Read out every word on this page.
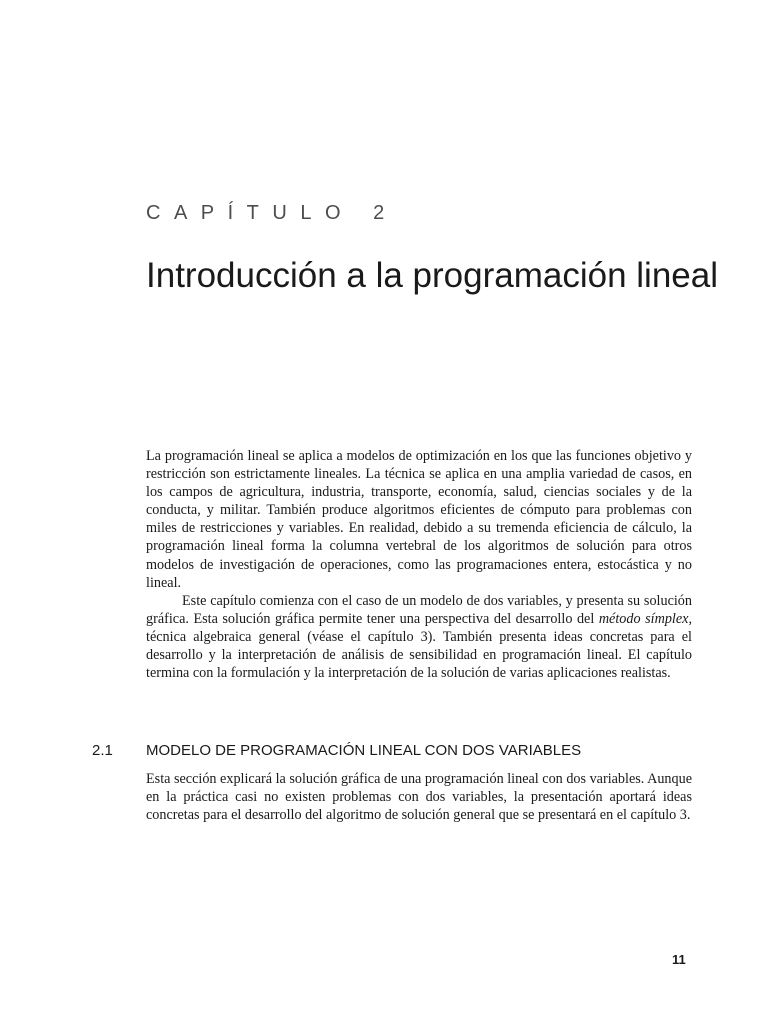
CAPÍTULO 2
Introducción a la programación lineal

La programación lineal se aplica a modelos de optimización en los que las funciones objetivo y restricción son estrictamente lineales. La técnica se aplica en una amplia variedad de casos, en los campos de agricultura, industria, transporte, economía, salud, ciencias sociales y de la conducta, y militar. También produce algoritmos eficientes de cómputo para problemas con miles de restricciones y variables. En realidad, debido a su tremenda eficiencia de cálculo, la programación lineal forma la columna vertebral de los algoritmos de solución para otros modelos de investigación de operaciones, como las programaciones entera, estocástica y no lineal.

Este capítulo comienza con el caso de un modelo de dos variables, y presenta su solución gráfica. Esta solución gráfica permite tener una perspectiva del desarrollo del método símplex, técnica algebraica general (véase el capítulo 3). También presenta ideas concretas para el desarrollo y la interpretación de análisis de sensibilidad en programación lineal. El capítulo termina con la formulación y la interpretación de la solución de varias aplicaciones realistas.

2.1 MODELO DE PROGRAMACIÓN LINEAL CON DOS VARIABLES

Esta sección explicará la solución gráfica de una programación lineal con dos variables. Aunque en la práctica casi no existen problemas con dos variables, la presentación aportará ideas concretas para el desarrollo del algoritmo de solución general que se presentará en el capítulo 3.

11
